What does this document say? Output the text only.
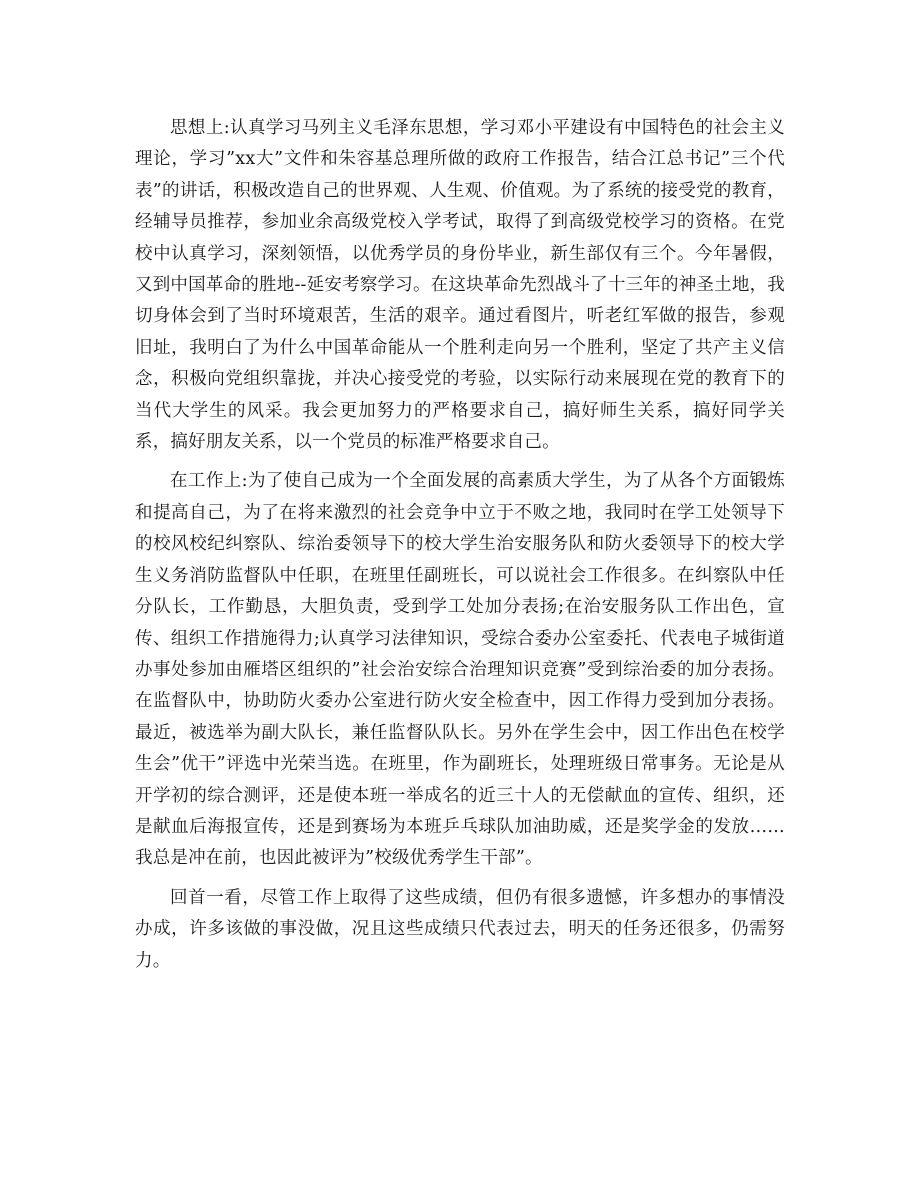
思想上:认真学习马列主义毛泽东思想，学习邓小平建设有中国特色的社会主义理论，学习”xx大”文件和朱容基总理所做的政府工作报告，结合江总书记”三个代表”的讲话，积极改造自己的世界观、人生观、价值观。为了系统的接受党的教育，经辅导员推荐，参加业余高级党校入学考试，取得了到高级党校学习的资格。在党校中认真学习，深刻领悟，以优秀学员的身份毕业，新生部仅有三个。今年暑假，又到中国革命的胜地--延安考察学习。在这块革命先烈战斗了十三年的神圣土地，我切身体会到了当时环境艰苦，生活的艰辛。通过看图片，听老红军做的报告，参观旧址，我明白了为什么中国革命能从一个胜利走向另一个胜利，坚定了共产主义信念，积极向党组织靠拢，并决心接受党的考验，以实际行动来展现在党的教育下的当代大学生的风采。我会更加努力的严格要求自己，搞好师生关系，搞好同学关系，搞好朋友关系，以一个党员的标准严格要求自己。

在工作上:为了使自己成为一个全面发展的高素质大学生，为了从各个方面锻炼和提高自己，为了在将来激烈的社会竞争中立于不败之地，我同时在学工处领导下的校风校纪纠察队、综治委领导下的校大学生治安服务队和防火委领导下的校大学生义务消防监督队中任职，在班里任副班长，可以说社会工作很多。在纠察队中任分队长，工作勤恳，大胆负责，受到学工处加分表扬;在治安服务队工作出色，宣传、组织工作措施得力;认真学习法律知识，受综合委办公室委托、代表电子城街道办事处参加由雁塔区组织的”社会治安综合治理知识竞赛”受到综治委的加分表扬。在监督队中，协助防火委办公室进行防火安全检查中，因工作得力受到加分表扬。最近，被选举为副大队长，兼任监督队队长。另外在学生会中，因工作出色在校学生会”优干”评选中光荣当选。在班里，作为副班长，处理班级日常事务。无论是从开学初的综合测评，还是使本班一举成名的近三十人的无偿献血的宣传、组织，还是献血后海报宣传，还是到赛场为本班乒乓球队加油助威，还是奖学金的发放……我总是冲在前，也因此被评为”校级优秀学生干部”。

回首一看，尽管工作上取得了这些成绩，但仍有很多遗憾，许多想办的事情没办成，许多该做的事没做，况且这些成绩只代表过去，明天的任务还很多，仍需努力。
